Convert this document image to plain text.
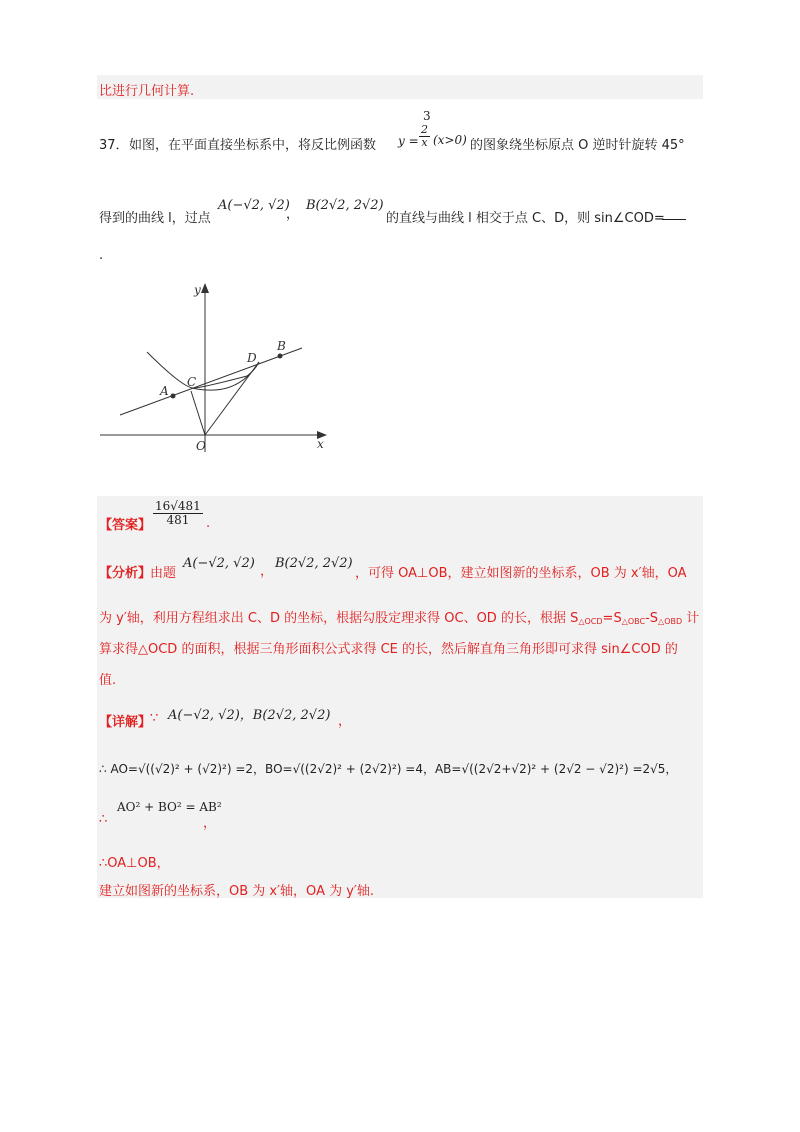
比进行几何计算.
37． 如图，在平面直接坐标系中，将反比例函数
3
$y = \frac{2}{x} (x>0)$ 的图象绕坐标原点 O 逆时针旋转 45°
得到的曲线 l，过点
A(−√2, √2)
，
B(2√2, 2√2)
的直线与曲线 l 相交于点 C、D，则 sin∠COD=
.
y
x
O
A
B
C
D
【答案】 $\frac{16√481}{481}$ .
【分析】
由题
A(−√2, √2)
，
B(2√2, 2√2)
，可得 OA⊥OB，建立如图新的坐标系，OB 为 x′轴，OA
为 y′轴，利用方程组求出 C、D 的坐标，根据勾股定理求得 OC、OD 的长，根据 $S_{\triangle OCD}=S_{\triangle OBC}-S_{\triangle OBD}$ 计
算求得△OCD 的面积，根据三角形面积公式求得 CE 的长，然后解直角三角形即可求得 sin∠COD 的
值.
【详解】
∵ A(−√2, √2)，B(2√2, 2√2) ，
∴ AO=√((√2)² + (√2)²) =2，BO=√((2√2)² + (2√2)²) =4，AB=√((2√2+√2)² + (2√2 − √2)²) =2√5，
∴
AO² + BO² = AB²
，
∴OA⊥OB，
建立如图新的坐标系，OB 为 x′轴，OA 为 y′轴.
